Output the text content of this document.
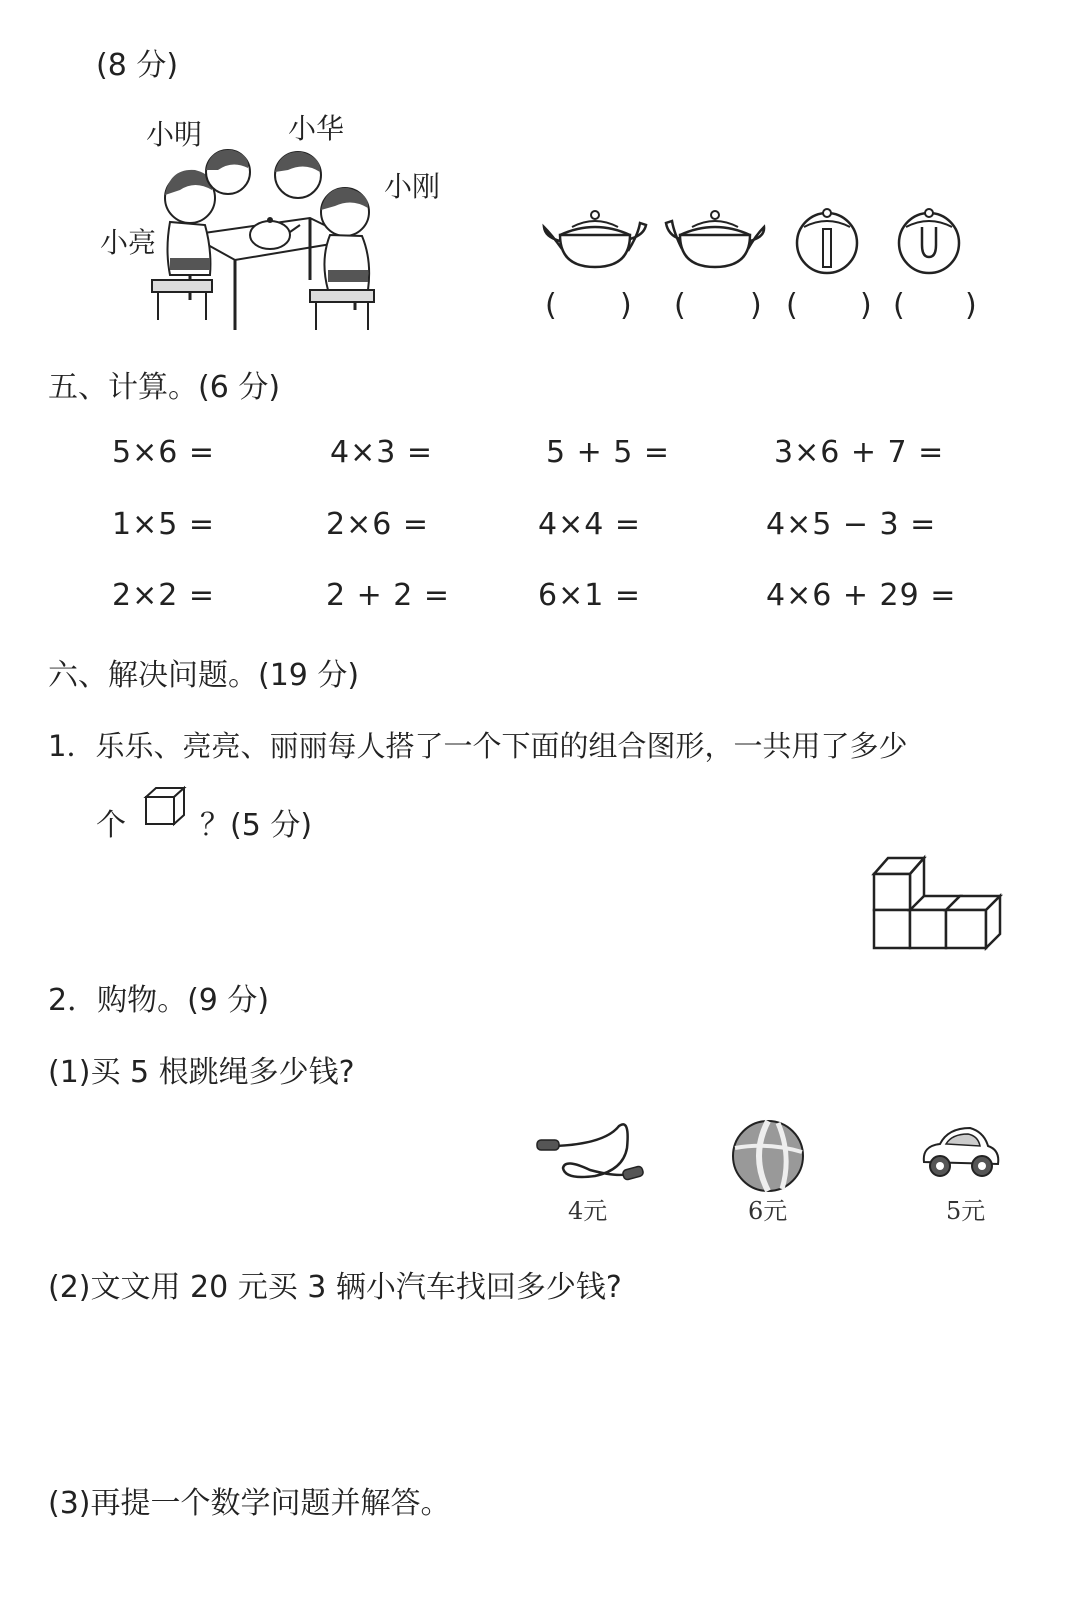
(8 分)
小明	小华
小刚
小亮
( ) ( ) ( ) ( )
五、计算。(6 分)
5×6 =	4×3 =	5 + 5 =	3×6 + 7 =
1×5 =	2×6 =	4×4 =	4×5 − 3 =
2×2 =	2 + 2 =	6×1 =	4×6 + 29 =
六、解决问题。(19 分)
1．乐乐、亮亮、丽丽每人搭了一个下面的组合图形，一共用了多少
个 ？(5 分)
2．购物。(9 分)
(1)买 5 根跳绳多少钱?
4元	6元	5元
(2)文文用 20 元买 3 辆小汽车找回多少钱?
(3)再提一个数学问题并解答。
